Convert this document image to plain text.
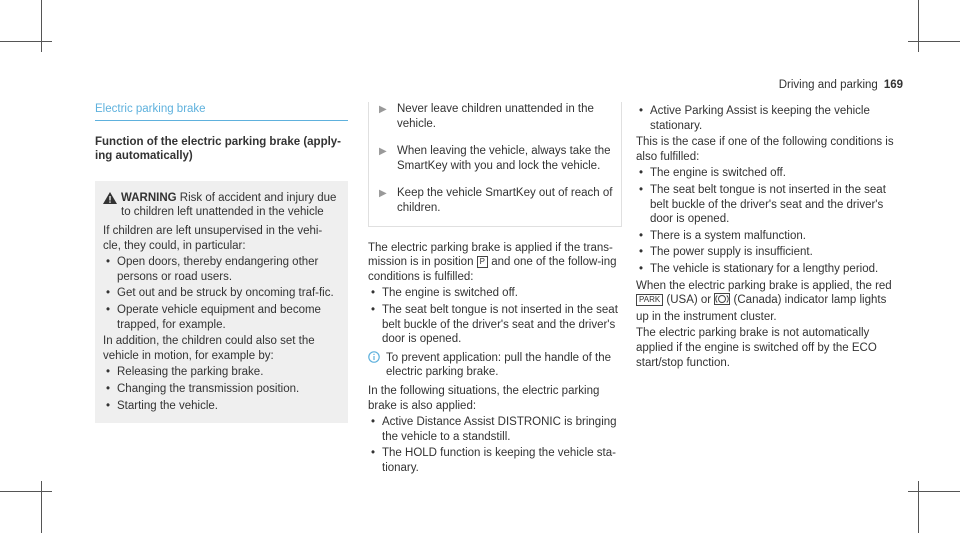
Driving and parking 169
Electric parking brake
Function of the electric parking brake (apply-ing automatically)

WARNING Risk of accident and injury due to children left unattended in the vehicle

If children are left unsupervised in the vehi-cle, they could, in particular:

• Open doors, thereby endangering other persons or road users.
• Get out and be struck by oncoming traf-fic.
• Operate vehicle equipment and become trapped, for example.

In addition, the children could also set the vehicle in motion, for example by:

• Releasing the parking brake.
• Changing the transmission position.
• Starting the vehicle.
▶ Never leave children unattended in the vehicle.
▶ When leaving the vehicle, always take the SmartKey with you and lock the vehicle.
▶ Keep the vehicle SmartKey out of reach of children.

The electric parking brake is applied if the trans-mission is in position P and one of the follow-ing conditions is fulfilled:

• The engine is switched off.
• The seat belt tongue is not inserted in the seat belt buckle of the driver's seat and the driver's door is opened.
To prevent application: pull the handle of the electric parking brake.

In the following situations, the electric parking brake is also applied:

• Active Distance Assist DISTRONIC is bringing the vehicle to a standstill.
• The HOLD function is keeping the vehicle sta-tionary.
• Active Parking Assist is keeping the vehicle stationary.

This is the case if one of the following conditions is also fulfilled:

• The engine is switched off.
• The seat belt tongue is not inserted in the seat belt buckle of the driver's seat and the driver's door is opened.
• There is a system malfunction.
• The power supply is insufficient.
• The vehicle is stationary for a lengthy period.

When the electric parking brake is applied, the red PARK (USA) or (Canada) indicator lamp lights up in the instrument cluster.

The electric parking brake is not automatically applied if the engine is switched off by the ECO start/stop function.
